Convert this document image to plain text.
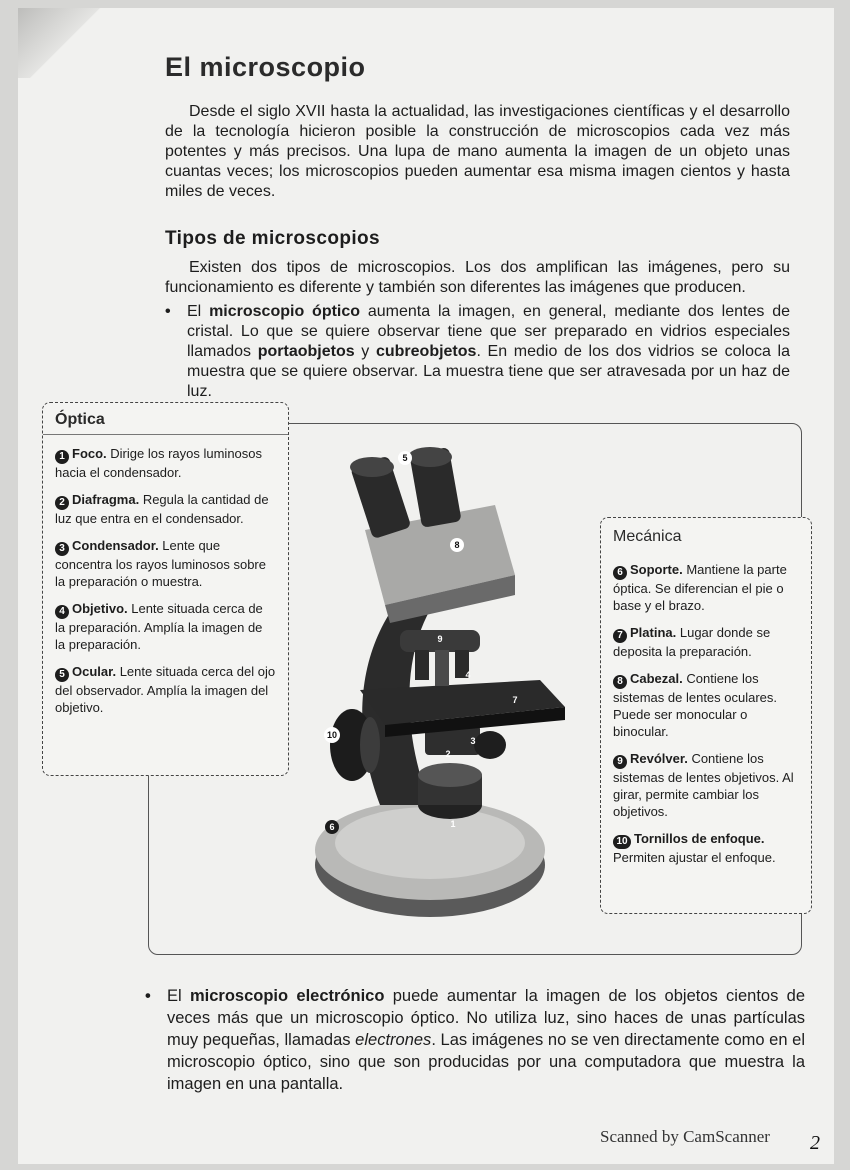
El microscopio

Desde el siglo XVII hasta la actualidad, las investigaciones científicas y el desarrollo de la tecnología hicieron posible la construcción de microscopios cada vez más potentes y más precisos. Una lupa de mano aumenta la imagen de un objeto unas cuantas veces; los microscopios pueden aumentar esa misma imagen cientos y hasta miles de veces.

Tipos de microscopios

Existen dos tipos de microscopios. Los dos amplifican las imágenes, pero su funcionamiento es diferente y también son diferentes las imágenes que producen.

• El microscopio óptico aumenta la imagen, en general, mediante dos lentes de cristal. Lo que se quiere observar tiene que ser preparado en vidrios especiales llamados portaobjetos y cubreobjetos. En medio de los dos vidrios se coloca la muestra que se quiere observar. La muestra tiene que ser atravesada por un haz de luz.
5
8
9
4
7
3
2
1
10
6
Óptica
1 Foco. Dirige los rayos luminosos hacia el condensador.
2 Diafragma. Regula la cantidad de luz que entra en el condensador.
3 Condensador. Lente que concentra los rayos luminosos sobre la preparación o muestra.
4 Objetivo. Lente situada cerca de la preparación. Amplía la imagen de la preparación.
5 Ocular. Lente situada cerca del ojo del observador. Amplía la imagen del objetivo.
Mecánica
6 Soporte. Mantiene la parte óptica. Se diferencian el pie o base y el brazo.
7 Platina. Lugar donde se deposita la preparación.
8 Cabezal. Contiene los sistemas de lentes oculares. Puede ser monocular o binocular.
9 Revólver. Contiene los sistemas de lentes objetivos. Al girar, permite cambiar los objetivos.
10 Tornillos de enfoque. Permiten ajustar el enfoque.
• El microscopio electrónico puede aumentar la imagen de los objetos cientos de veces más que un microscopio óptico. No utiliza luz, sino haces de unas partículas muy pequeñas, llamadas electrones. Las imágenes no se ven directamente como en el microscopio óptico, sino que son producidas por una computadora que muestra la imagen en una pantalla.
Scanned by CamScanner 2
